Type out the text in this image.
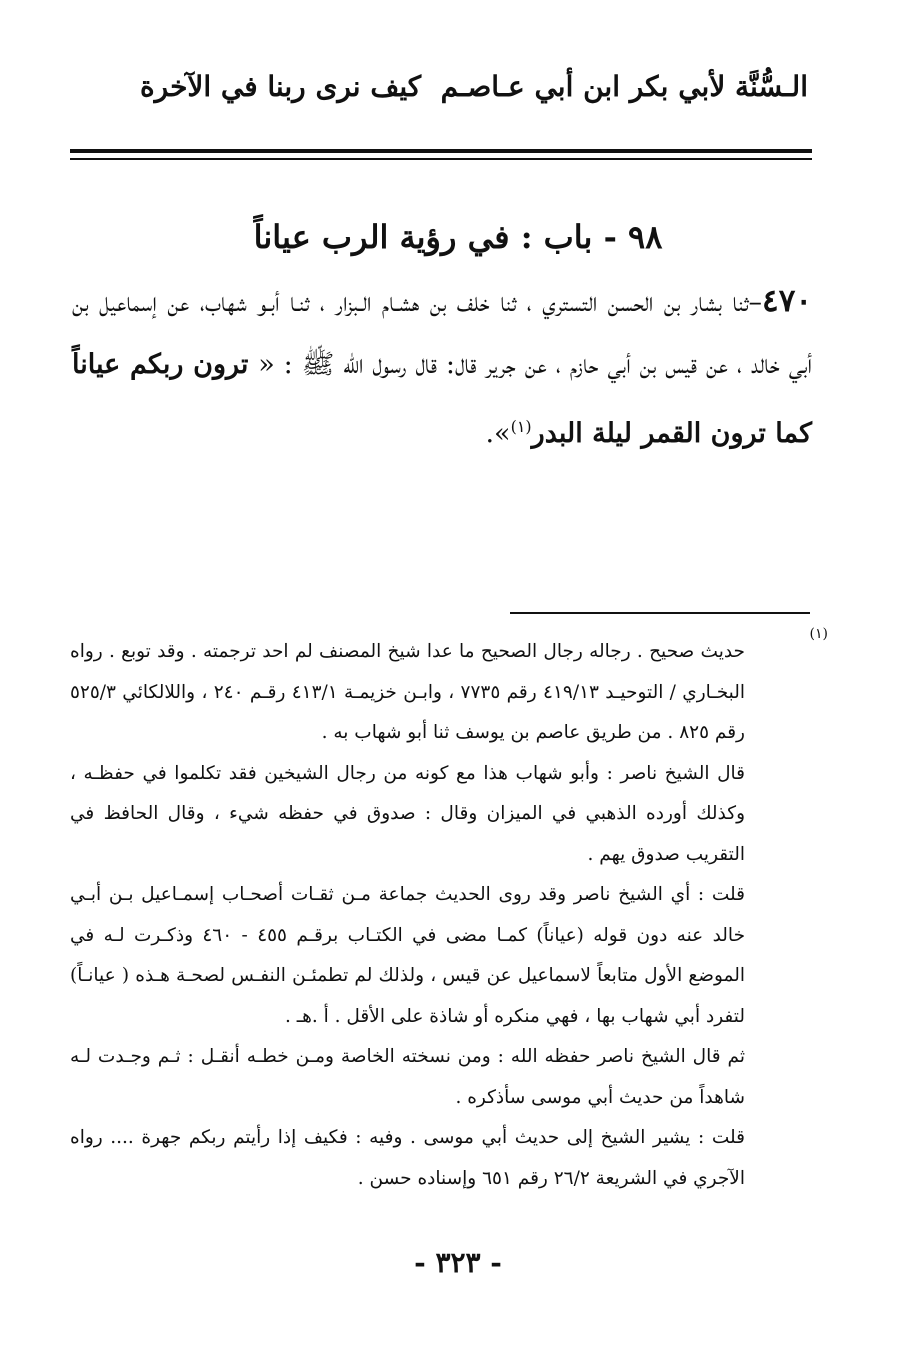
الـسُّنَّة لأبي بكر ابن أبي عـاصـم
كيف نرى ربنا في الآخرة
٩٨ - باب : في رؤية الرب عياناً
٤٧٠–ثنا بشار بن الحسن التستري ، ثنا خلف بن هشـام الـبزار ، ثنـا أبـو شهاب، عن إسماعيل بن أبي خالد ، عن قيس بن أبي حازم ، عن جرير قال: قال رسول الله ﷺ : « ترون ربكم عياناً كما ترون القمر ليلة البدر$^{(١)}$».
(١)

حديث صحيح . رجاله رجال الصحيح ما عدا شيخ المصنف لم احد ترجمته . وقد توبع . رواه البخـاري / التوحيـد ٤١٩/١٣ رقم ٧٧٣٥ ، وابـن خزيمـة ٤١٣/١ رقـم ٢٤٠ ، واللالكائي ٥٢٥/٣ رقم ٨٢٥ . من طريق عاصم بن يوسف ثنا أبو شهاب به .

قال الشيخ ناصر : وأبو شهاب هذا مع كونه من رجال الشيخين فقد تكلموا في حفظـه ، وكذلك أورده الذهبي في الميزان وقال : صدوق في حفظه شيء ، وقال الحافظ في التقريب صدوق يهم .

قلت : أي الشيخ ناصر وقد روى الحديث جماعة مـن ثقـات أصحـاب إسمـاعيل بـن أبـي خالد عنه دون قوله (عياناً) كمـا مضى في الكتـاب برقـم ٤٥٥ - ٤٦٠ وذكـرت لـه في الموضع الأول متابعاً لاسماعيل عن قيس ، ولذلك لم تطمئـن النفـس لصحـة هـذه ( عيانـاً) لتفرد أبي شهاب بها ، فهي منكره أو شاذة على الأقل . أ .هـ .

ثم قال الشيخ ناصر حفظه الله : ومن نسخته الخاصة ومـن خطـه أنقـل : ثـم وجـدت لـه شاهداً من حديث أبي موسى سأذكره .

قلت : يشير الشيخ إلى حديث أبي موسى . وفيه : فكيف إذا رأيتم ربكم جهرة .... رواه الآجري في الشريعة ٢٦/٢ رقم ٦٥١ وإسناده حسن .

- ٣٢٣ -
